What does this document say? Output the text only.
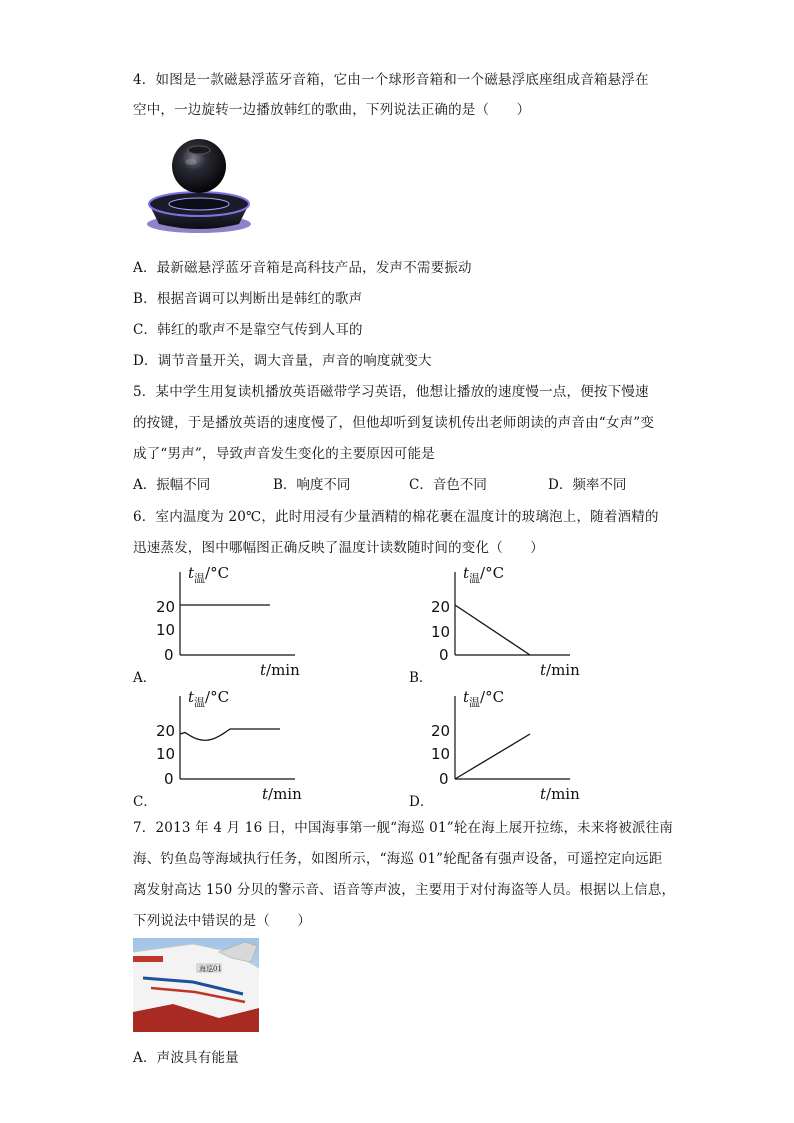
4．如图是一款磁悬浮蓝牙音箱，它由一个球形音箱和一个磁悬浮底座组成音箱悬浮在
空中，一边旋转一边播放韩红的歌曲，下列说法正确的是（　　）
A．最新磁悬浮蓝牙音箱是高科技产品，发声不需要振动
B．根据音调可以判断出是韩红的歌声
C．韩红的歌声不是靠空气传到人耳的
D．调节音量开关，调大音量，声音的响度就变大
5．某中学生用复读机播放英语磁带学习英语，他想让播放的速度慢一点，便按下慢速
的按键，于是播放英语的速度慢了，但他却听到复读机传出老师朗读的声音由“女声”变
成了“男声”，导致声音发生变化的主要原因可能是
A．振幅不同	B．响度不同	C．音色不同	D．频率不同
6．室内温度为 20℃，此时用浸有少量酒精的棉花裹在温度计的玻璃泡上，随着酒精的
迅速蒸发，图中哪幅图正确反映了温度计读数随时间的变化（　　）
$t_温/^\circ C$
20
10
0
t/min
A．
$t_温/^\circ C$
20
10
0
t/min
B．
$t_温/^\circ C$
20
10
0
t/min
C．
$t_温/^\circ C$
20
10
0
t/min
D．
7．2013 年 4 月 16 日，中国海事第一舰“海巡 01”轮在海上展开拉练，未来将被派往南
海、钓鱼岛等海域执行任务，如图所示，“海巡 01”轮配备有强声设备，可遥控定向远距
离发射高达 150 分贝的警示音、语音等声波，主要用于对付海盗等人员。根据以上信息，
下列说法中错误的是（　　）
海巡01
A．声波具有能量
